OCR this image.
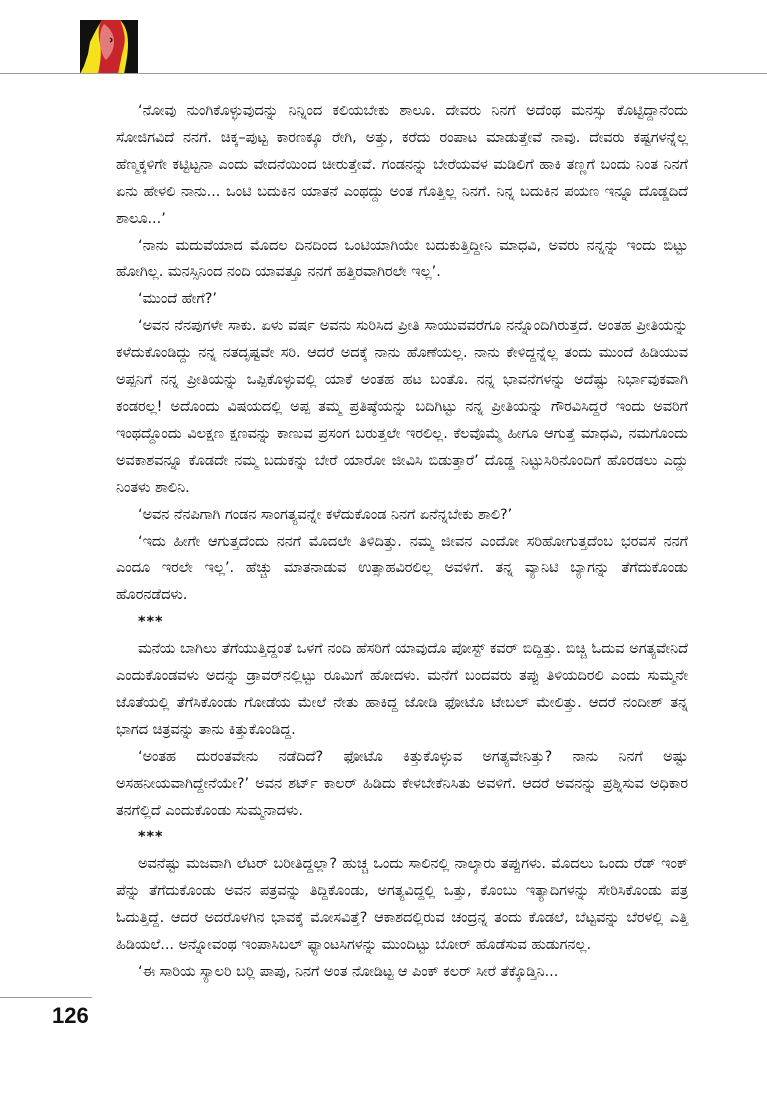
‘ನೋವು ನುಂಗಿಕೊಳ್ಳುವುದನ್ನು ನಿನ್ನಿಂದ ಕಲಿಯಬೇಕು ಶಾಲೂ. ದೇವರು ನಿನಗೆ ಅದೆಂಥ ಮನಸ್ಸು ಕೊಟ್ಟಿದ್ದಾನೆಂದು ಸೋಜಿಗವಿದೆ ನನಗೆ. ಚಿಕ್ಕ–ಪುಟ್ಟ ಕಾರಣಕ್ಕೂ ರೇಗಿ, ಅತ್ತು, ಕರೆದು ರಂಪಾಟ ಮಾಡುತ್ತೇವೆ ನಾವು. ದೇವರು ಕಷ್ಟಗಳನ್ನೆಲ್ಲ ಹೆಣ್ಮಕ್ಕಳಿಗೇ ಕಟ್ಟಿಟ್ಟನಾ ಎಂದು ವೇದನೆಯಿಂದ ಚೀರುತ್ತೇವೆ. ಗಂಡನನ್ನು ಬೇರೆಯವಳ ಮಡಿಲಿಗೆ ಹಾಕಿ ತಣ್ಣಗೆ ಬಂದು ನಿಂತ ನಿನಗೆ ಏನು ಹೇಳಲಿ ನಾನು... ಒಂಟಿ ಬದುಕಿನ ಯಾತನೆ ಎಂಥದ್ದು ಅಂತ ಗೊತ್ತಿಲ್ಲ ನಿನಗೆ. ನಿನ್ನ ಬದುಕಿನ ಪಯಣ ಇನ್ನೂ ದೊಡ್ಡದಿದೆ ಶಾಲೂ...’

‘ನಾನು ಮದುವೆಯಾದ ಮೊದಲ ದಿನದಿಂದ ಒಂಟಿಯಾಗಿಯೇ ಬದುಕುತ್ತಿದ್ದೀನಿ ಮಾಧವಿ, ಅವರು ನನ್ನನ್ನು ಇಂದು ಬಿಟ್ಟು ಹೋಗಿಲ್ಲ. ಮನಸ್ಸಿನಿಂದ ನಂದಿ ಯಾವತ್ತೂ ನನಗೆ ಹತ್ತಿರವಾಗಿರಲೇ ಇಲ್ಲ’.

‘ಮುಂದೆ ಹೇಗೆ?’

‘ಅವನ ನೆನಪುಗಳೇ ಸಾಕು. ಏಳು ವರ್ಷ ಅವನು ಸುರಿಸಿದ ಪ್ರೀತಿ ಸಾಯುವವರೆಗೂ ನನ್ನೊಂದಿಗಿರುತ್ತದೆ. ಅಂತಹ ಪ್ರೀತಿಯನ್ನು ಕಳೆದುಕೊಂಡಿದ್ದು ನನ್ನ ನತದೃಷ್ಟವೇ ಸರಿ. ಆದರೆ ಅದಕ್ಕೆ ನಾನು ಹೊಣೆಯಲ್ಲ. ನಾನು ಕೇಳಿದ್ದನ್ನೆಲ್ಲ ತಂದು ಮುಂದೆ ಹಿಡಿಯುವ ಅಪ್ಪನಿಗೆ ನನ್ನ ಪ್ರೀತಿಯನ್ನು ಒಪ್ಪಿಕೊಳ್ಳುವಲ್ಲಿ ಯಾಕೆ ಅಂತಹ ಹಟ ಬಂತೊ. ನನ್ನ ಭಾವನೆಗಳನ್ನು ಅದೆಷ್ಟು ನಿರ್ಭಾವುಕವಾಗಿ ಕಂಡರಲ್ಲ! ಅದೊಂದು ವಿಷಯದಲ್ಲಿ ಅಪ್ಪ ತಮ್ಮ ಪ್ರತಿಷ್ಠೆಯನ್ನು ಬದಿಗಿಟ್ಟು ನನ್ನ ಪ್ರೀತಿಯನ್ನು ಗೌರವಿಸಿದ್ದರೆ ಇಂದು ಅವರಿಗೆ ಇಂಥದ್ದೊಂದು ವಿಲಕ್ಷಣ ಕ್ಷಣವನ್ನು ಕಾಣುವ ಪ್ರಸಂಗ ಬರುತ್ತಲೇ ಇರಲಿಲ್ಲ. ಕೆಲವೊಮ್ಮೆ ಹೀಗೂ ಆಗುತ್ತೆ ಮಾಧವಿ, ನಮಗೊಂದು ಅವಕಾಶವನ್ನೂ ಕೊಡದೇ ನಮ್ಮ ಬದುಕನ್ನು ಬೇರೆ ಯಾರೋ ಜೀವಿಸಿ ಬಿಡುತ್ತಾರೆ’ ದೊಡ್ಡ ನಿಟ್ಟುಸಿರಿನೊಂದಿಗೆ ಹೊರಡಲು ಎದ್ದು ನಿಂತಳು ಶಾಲಿನಿ.

‘ಅವನ ನೆನಪಿಗಾಗಿ ಗಂಡನ ಸಾಂಗತ್ಯವನ್ನೇ ಕಳೆದುಕೊಂಡ ನಿನಗೆ ಏನೆನ್ನಬೇಕು ಶಾಲಿ?’

‘ಇದು ಹೀಗೇ ಆಗುತ್ತದೆಂದು ನನಗೆ ಮೊದಲೇ ತಿಳಿದಿತ್ತು. ನಮ್ಮ ಜೀವನ ಎಂದೋ ಸರಿಹೋಗುತ್ತದೆಂಬ ಭರವಸೆ ನನಗೆ ಎಂದೂ ಇರಲೇ ಇಲ್ಲ’. ಹೆಚ್ಚು ಮಾತನಾಡುವ ಉತ್ಸಾಹವಿರಲಿಲ್ಲ ಅವಳಿಗೆ. ತನ್ನ ವ್ಯಾನಿಟಿ ಬ್ಯಾಗನ್ನು ತೆಗೆದುಕೊಂಡು ಹೊರನಡೆದಳು.

***

ಮನೆಯ ಬಾಗಿಲು ತೆಗೆಯುತ್ತಿದ್ದಂತೆ ಒಳಗೆ ನಂದಿ ಹೆಸರಿಗೆ ಯಾವುದೊ ಪೋಸ್ಟ್ ಕವರ್ ಬಿದ್ದಿತ್ತು. ಬಿಚ್ಚಿ ಓದುವ ಅಗತ್ಯವೇನಿದೆ ಎಂದುಕೊಂಡವಳು ಅದನ್ನು ಡ್ರಾವರ್‌ನಲ್ಲಿಟ್ಟು ರೂಮಿಗೆ ಹೋದಳು. ಮನೆಗೆ ಬಂದವರು ತಪ್ಪು ತಿಳಿಯದಿರಲಿ ಎಂದು ಸುಮ್ಮನೇ ಜೊತೆಯಲ್ಲಿ ತೆಗೆಸಿಕೊಂಡು ಗೋಡೆಯ ಮೇಲೆ ನೇತು ಹಾಕಿದ್ದ ಜೋಡಿ ಫೋಟೊ ಟೇಬಲ್ ಮೇಲಿತ್ತು. ಆದರೆ ನಂದೀಶ್ ತನ್ನ ಭಾಗದ ಚಿತ್ರವನ್ನು ತಾನು ಕಿತ್ತುಕೊಂಡಿದ್ದ.

‘ಅಂತಹ ದುರಂತವೇನು ನಡೆದಿದೆ? ಫೋಟೊ ಕಿತ್ತುಕೊಳ್ಳುವ ಅಗತ್ಯವೇನಿತ್ತು? ನಾನು ನಿನಗೆ ಅಷ್ಟು ಅಸಹನೀಯವಾಗಿದ್ದೇನೆಯೇ?’ ಅವನ ಶರ್ಟ್ ಕಾಲರ್ ಹಿಡಿದು ಕೇಳಬೇಕೆನಿಸಿತು ಅವಳಿಗೆ. ಆದರೆ ಅವನನ್ನು ಪ್ರಶ್ನಿಸುವ ಅಧಿಕಾರ ತನಗೆಲ್ಲಿದೆ ಎಂದುಕೊಂಡು ಸುಮ್ಮನಾದಳು.

***

ಅವನೆಷ್ಟು ಮಜವಾಗಿ ಲೆಟರ್ ಬರೀತಿದ್ದಲ್ಲಾ? ಹುಚ್ಚ ಒಂದು ಸಾಲಿನಲ್ಲಿ ನಾಲ್ಕಾರು ತಪ್ಪುಗಳು. ಮೊದಲು ಒಂದು ರೆಡ್ ಇಂಕ್ ಪೆನ್ನು ತೆಗೆದುಕೊಂಡು ಅವನ ಪತ್ರವನ್ನು ತಿದ್ದಿಕೊಂಡು, ಅಗತ್ಯವಿದ್ದಲ್ಲಿ ಒತ್ತು, ಕೊಂಬು ಇತ್ಯಾದಿಗಳನ್ನು ಸೇರಿಸಿಕೊಂಡು ಪತ್ರ ಓದುತ್ತಿದ್ದೆ. ಆದರೆ ಅದರೊಳಗಿನ ಭಾವಕ್ಕೆ ಮೋಸವಿತ್ತೆ? ಆಕಾಶದಲ್ಲಿರುವ ಚಂದ್ರನ್ನ ತಂದು ಕೊಡಲೆ, ಬೆಟ್ಟವನ್ನು ಬೆರಳಲ್ಲಿ ಎತ್ತಿ ಹಿಡಿಯಲೆ... ಅನ್ನೋವಂಥ ಇಂಪಾಸಿಬಲ್ ಫ್ಯಾಂಟಸಿಗಳನ್ನು ಮುಂದಿಟ್ಟು ಬೋರ್ ಹೊಡೆಸುವ ಹುಡುಗನಲ್ಲ.

‘ಈ ಸಾರಿಯ ಸ್ಯಾಲರಿ ಬರ್‍ಲಿ ಪಾಪು, ನಿನಗೆ ಅಂತ ನೋಡಿಟ್ಟ ಆ ಪಿಂಕ್ ಕಲರ್ ಸೀರೆ ತೆಕ್ಕೊಡ್ತಿನಿ...

126
